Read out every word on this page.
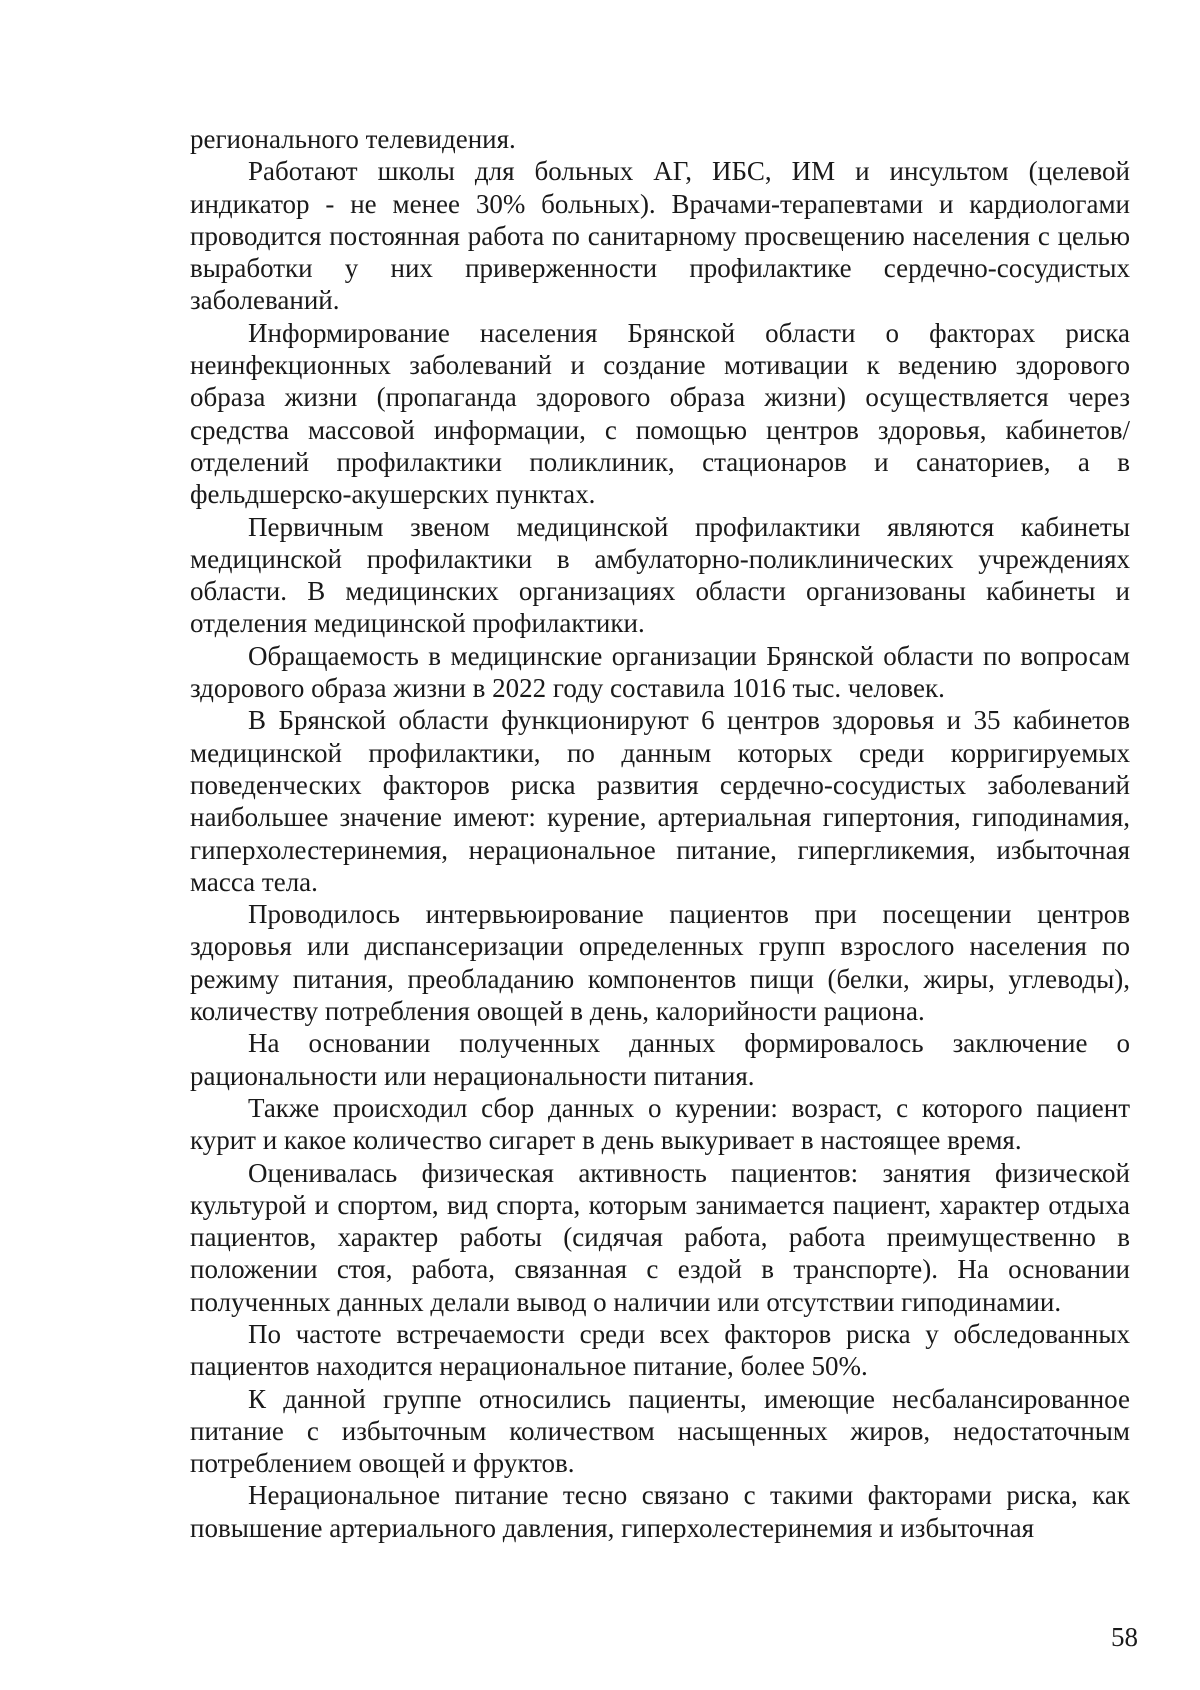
регионального телевидения.

Работают школы для больных АГ, ИБС, ИМ и инсультом (целевой индикатор - не менее 30% больных). Врачами-терапевтами и кардиологами проводится постоянная работа по санитарному просвещению населения с целью выработки у них приверженности профилактике сердечно-сосудистых заболеваний.

Информирование населения Брянской области о факторах риска неинфекционных заболеваний и создание мотивации к ведению здорового образа жизни (пропаганда здорового образа жизни) осуществляется через средства массовой информации, с помощью центров здоровья, кабинетов/отделений профилактики поликлиник, стационаров и санаториев, а в фельдшерско-акушерских пунктах.

Первичным звеном медицинской профилактики являются кабинеты медицинской профилактики в амбулаторно-поликлинических учреждениях области. В медицинских организациях области организованы кабинеты и отделения медицинской профилактики.

Обращаемость в медицинские организации Брянской области по вопросам здорового образа жизни в 2022 году составила 1016 тыс. человек.

В Брянской области функционируют 6 центров здоровья и 35 кабинетов медицинской профилактики, по данным которых среди корригируемых поведенческих факторов риска развития сердечно-сосудистых заболеваний наибольшее значение имеют: курение, артериальная гипертония, гиподинамия, гиперхолестеринемия, нерациональное питание, гипергликемия, избыточная масса тела.

Проводилось интервьюирование пациентов при посещении центров здоровья или диспансеризации определенных групп взрослого населения по режиму питания, преобладанию компонентов пищи (белки, жиры, углеводы), количеству потребления овощей в день, калорийности рациона.

На основании полученных данных формировалось заключение о рациональности или нерациональности питания.

Также происходил сбор данных о курении: возраст, с которого пациент курит и какое количество сигарет в день выкуривает в настоящее время.

Оценивалась физическая активность пациентов: занятия физической культурой и спортом, вид спорта, которым занимается пациент, характер отдыха пациентов, характер работы (сидячая работа, работа преимущественно в положении стоя, работа, связанная с ездой в транспорте). На основании полученных данных делали вывод о наличии или отсутствии гиподинамии.

По частоте встречаемости среди всех факторов риска у обследованных пациентов находится нерациональное питание, более 50%.

К данной группе относились пациенты, имеющие несбалансированное питание с избыточным количеством насыщенных жиров, недостаточным потреблением овощей и фруктов.

Нерациональное питание тесно связано с такими факторами риска, как повышение артериального давления, гиперхолестеринемия и избыточная

58
